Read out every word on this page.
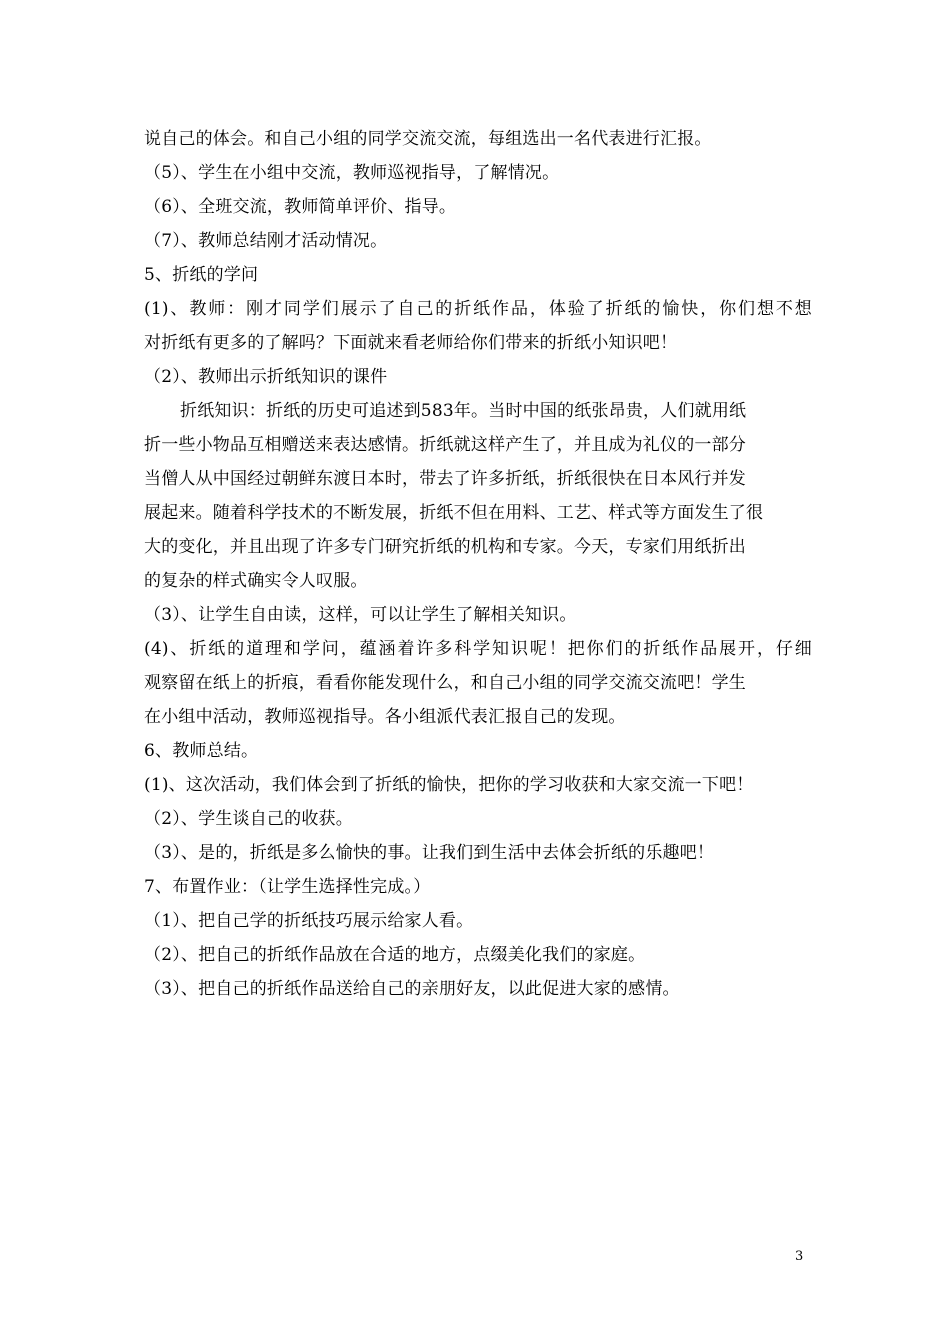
说自己的体会。和自己小组的同学交流交流，每组选出一名代表进行汇报。
（5）、学生在小组中交流，教师巡视指导，了解情况。
（6）、全班交流，教师简单评价、指导。
（7）、教师总结刚才活动情况。
5、折纸的学问
(1)、教师：刚才同学们展示了自己的折纸作品，体验了折纸的愉快，你们想不想
对折纸有更多的了解吗？下面就来看老师给你们带来的折纸小知识吧！
（2）、教师出示折纸知识的课件
折纸知识：折纸的历史可追述到583年。当时中国的纸张昂贵，人们就用纸
折一些小物品互相赠送来表达感情。折纸就这样产生了，并且成为礼仪的一部分
当僧人从中国经过朝鲜东渡日本时，带去了许多折纸，折纸很快在日本风行并发
展起来。随着科学技术的不断发展，折纸不但在用料、工艺、样式等方面发生了很
大的变化，并且出现了许多专门研究折纸的机构和专家。今天，专家们用纸折出
的复杂的样式确实令人叹服。
（3）、让学生自由读，这样，可以让学生了解相关知识。
(4)、折纸的道理和学问，蕴涵着许多科学知识呢！把你们的折纸作品展开，仔细
观察留在纸上的折痕，看看你能发现什么，和自己小组的同学交流交流吧！学生
在小组中活动，教师巡视指导。各小组派代表汇报自己的发现。
6、教师总结。
(1)、这次活动，我们体会到了折纸的愉快，把你的学习收获和大家交流一下吧！
（2）、学生谈自己的收获。
（3）、是的，折纸是多么愉快的事。让我们到生活中去体会折纸的乐趣吧！
7、布置作业：（让学生选择性完成。）
（1）、把自己学的折纸技巧展示给家人看。
（2）、把自己的折纸作品放在合适的地方，点缀美化我们的家庭。
（3）、把自己的折纸作品送给自己的亲朋好友，以此促进大家的感情。
3
